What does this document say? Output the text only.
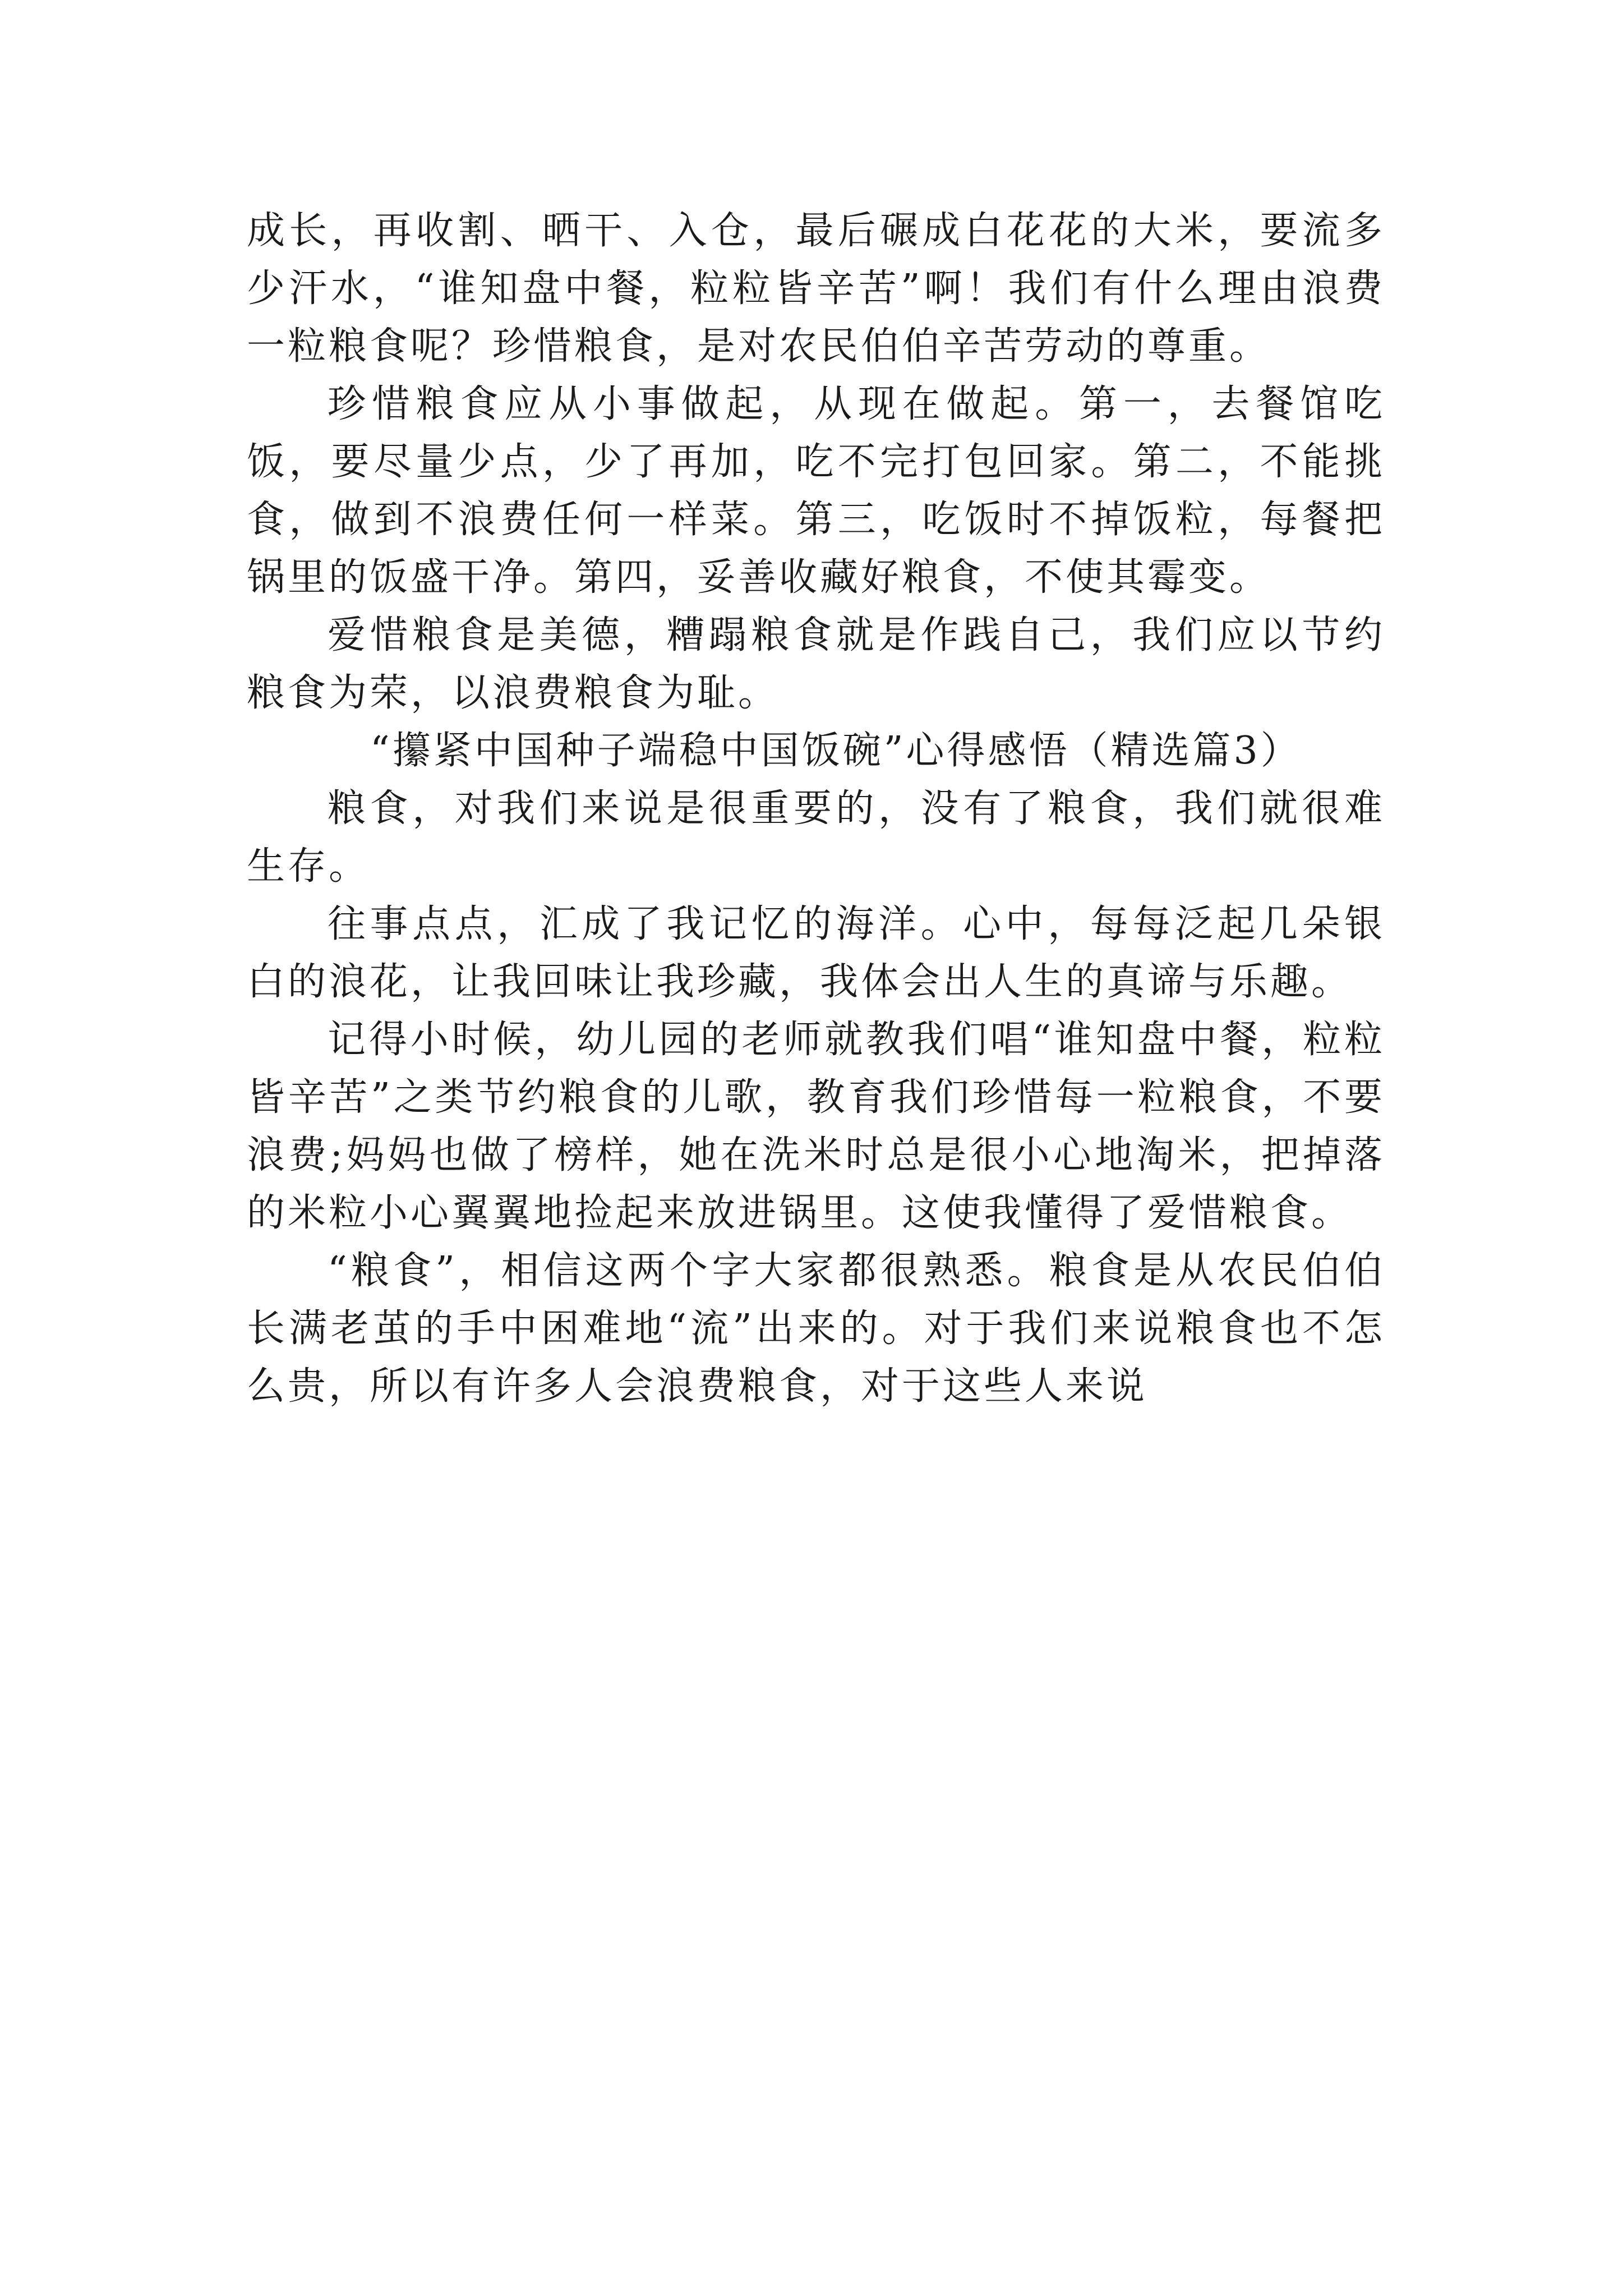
成长，再收割、晒干、入仓，最后碾成白花花的大米，要流多少汗水，“谁知盘中餐，粒粒皆辛苦”啊！我们有什么理由浪费一粒粮食呢？珍惜粮食，是对农民伯伯辛苦劳动的尊重。

珍惜粮食应从小事做起，从现在做起。第一，去餐馆吃饭，要尽量少点，少了再加，吃不完打包回家。第二，不能挑食，做到不浪费任何一样菜。第三，吃饭时不掉饭粒，每餐把锅里的饭盛干净。第四，妥善收藏好粮食，不使其霉变。

爱惜粮食是美德，糟蹋粮食就是作践自己，我们应以节约粮食为荣，以浪费粮食为耻。

“攥紧中国种子端稳中国饭碗”心得感悟（精选篇3）

粮食，对我们来说是很重要的，没有了粮食，我们就很难生存。

往事点点，汇成了我记忆的海洋。心中，每每泛起几朵银白的浪花，让我回味让我珍藏，我体会出人生的真谛与乐趣。

记得小时候，幼儿园的老师就教我们唱“谁知盘中餐，粒粒皆辛苦”之类节约粮食的儿歌，教育我们珍惜每一粒粮食，不要浪费;妈妈也做了榜样，她在洗米时总是很小心地淘米，把掉落的米粒小心翼翼地捡起来放进锅里。这使我懂得了爱惜粮食。

“粮食”，相信这两个字大家都很熟悉。粮食是从农民伯伯长满老茧的手中困难地“流”出来的。对于我们来说粮食也不怎么贵，所以有许多人会浪费粮食，对于这些人来说
